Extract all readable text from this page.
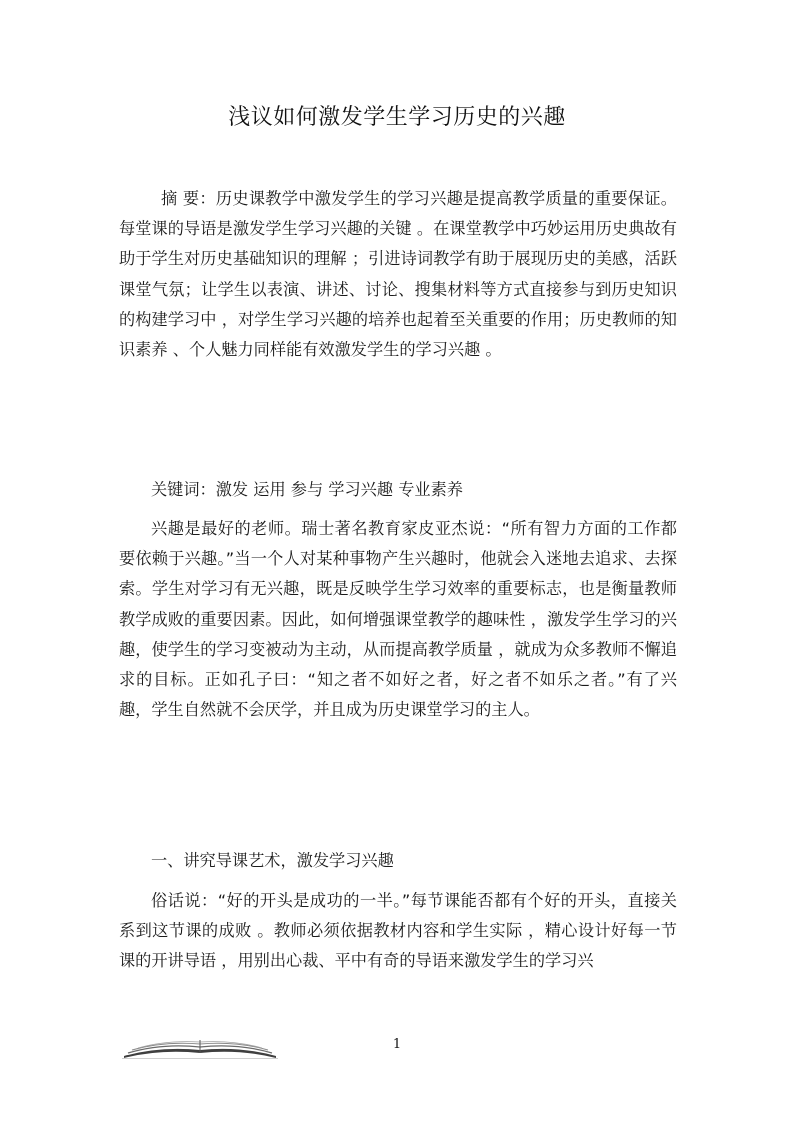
浅议如何激发学生学习历史的兴趣

摘 要：历史课教学中激发学生的学习兴趣是提高教学质量的重要保证。每堂课的导语是激发学生学习兴趣的关键 。在课堂教学中巧妙运用历史典故有助于学生对历史基础知识的理解 ；引进诗词教学有助于展现历史的美感，活跃课堂气氛；让学生以表演、讲述、讨论、搜集材料等方式直接参与到历史知识的构建学习中 ，对学生学习兴趣的培养也起着至关重要的作用；历史教师的知识素养 、个人魅力同样能有效激发学生的学习兴趣 。

关键词：激发 运用 参与 学习兴趣 专业素养

兴趣是最好的老师。瑞士著名教育家皮亚杰说：“所有智力方面的工作都要依赖于兴趣。”当一个人对某种事物产生兴趣时，他就会入迷地去追求、去探索。学生对学习有无兴趣，既是反映学生学习效率的重要标志，也是衡量教师教学成败的重要因素。因此，如何增强课堂教学的趣味性 ，激发学生学习的兴趣，使学生的学习变被动为主动，从而提高教学质量 ，就成为众多教师不懈追求的目标。正如孔子曰：“知之者不如好之者，好之者不如乐之者。”有了兴趣，学生自然就不会厌学，并且成为历史课堂学习的主人。

一、讲究导课艺术，激发学习兴趣

俗话说：“好的开头是成功的一半。”每节课能否都有个好的开头，直接关系到这节课的成败 。教师必须依据教材内容和学生实际 ，精心设计好每一节课的开讲导语 ，用别出心裁、平中有奇的导语来激发学生的学习兴

1
